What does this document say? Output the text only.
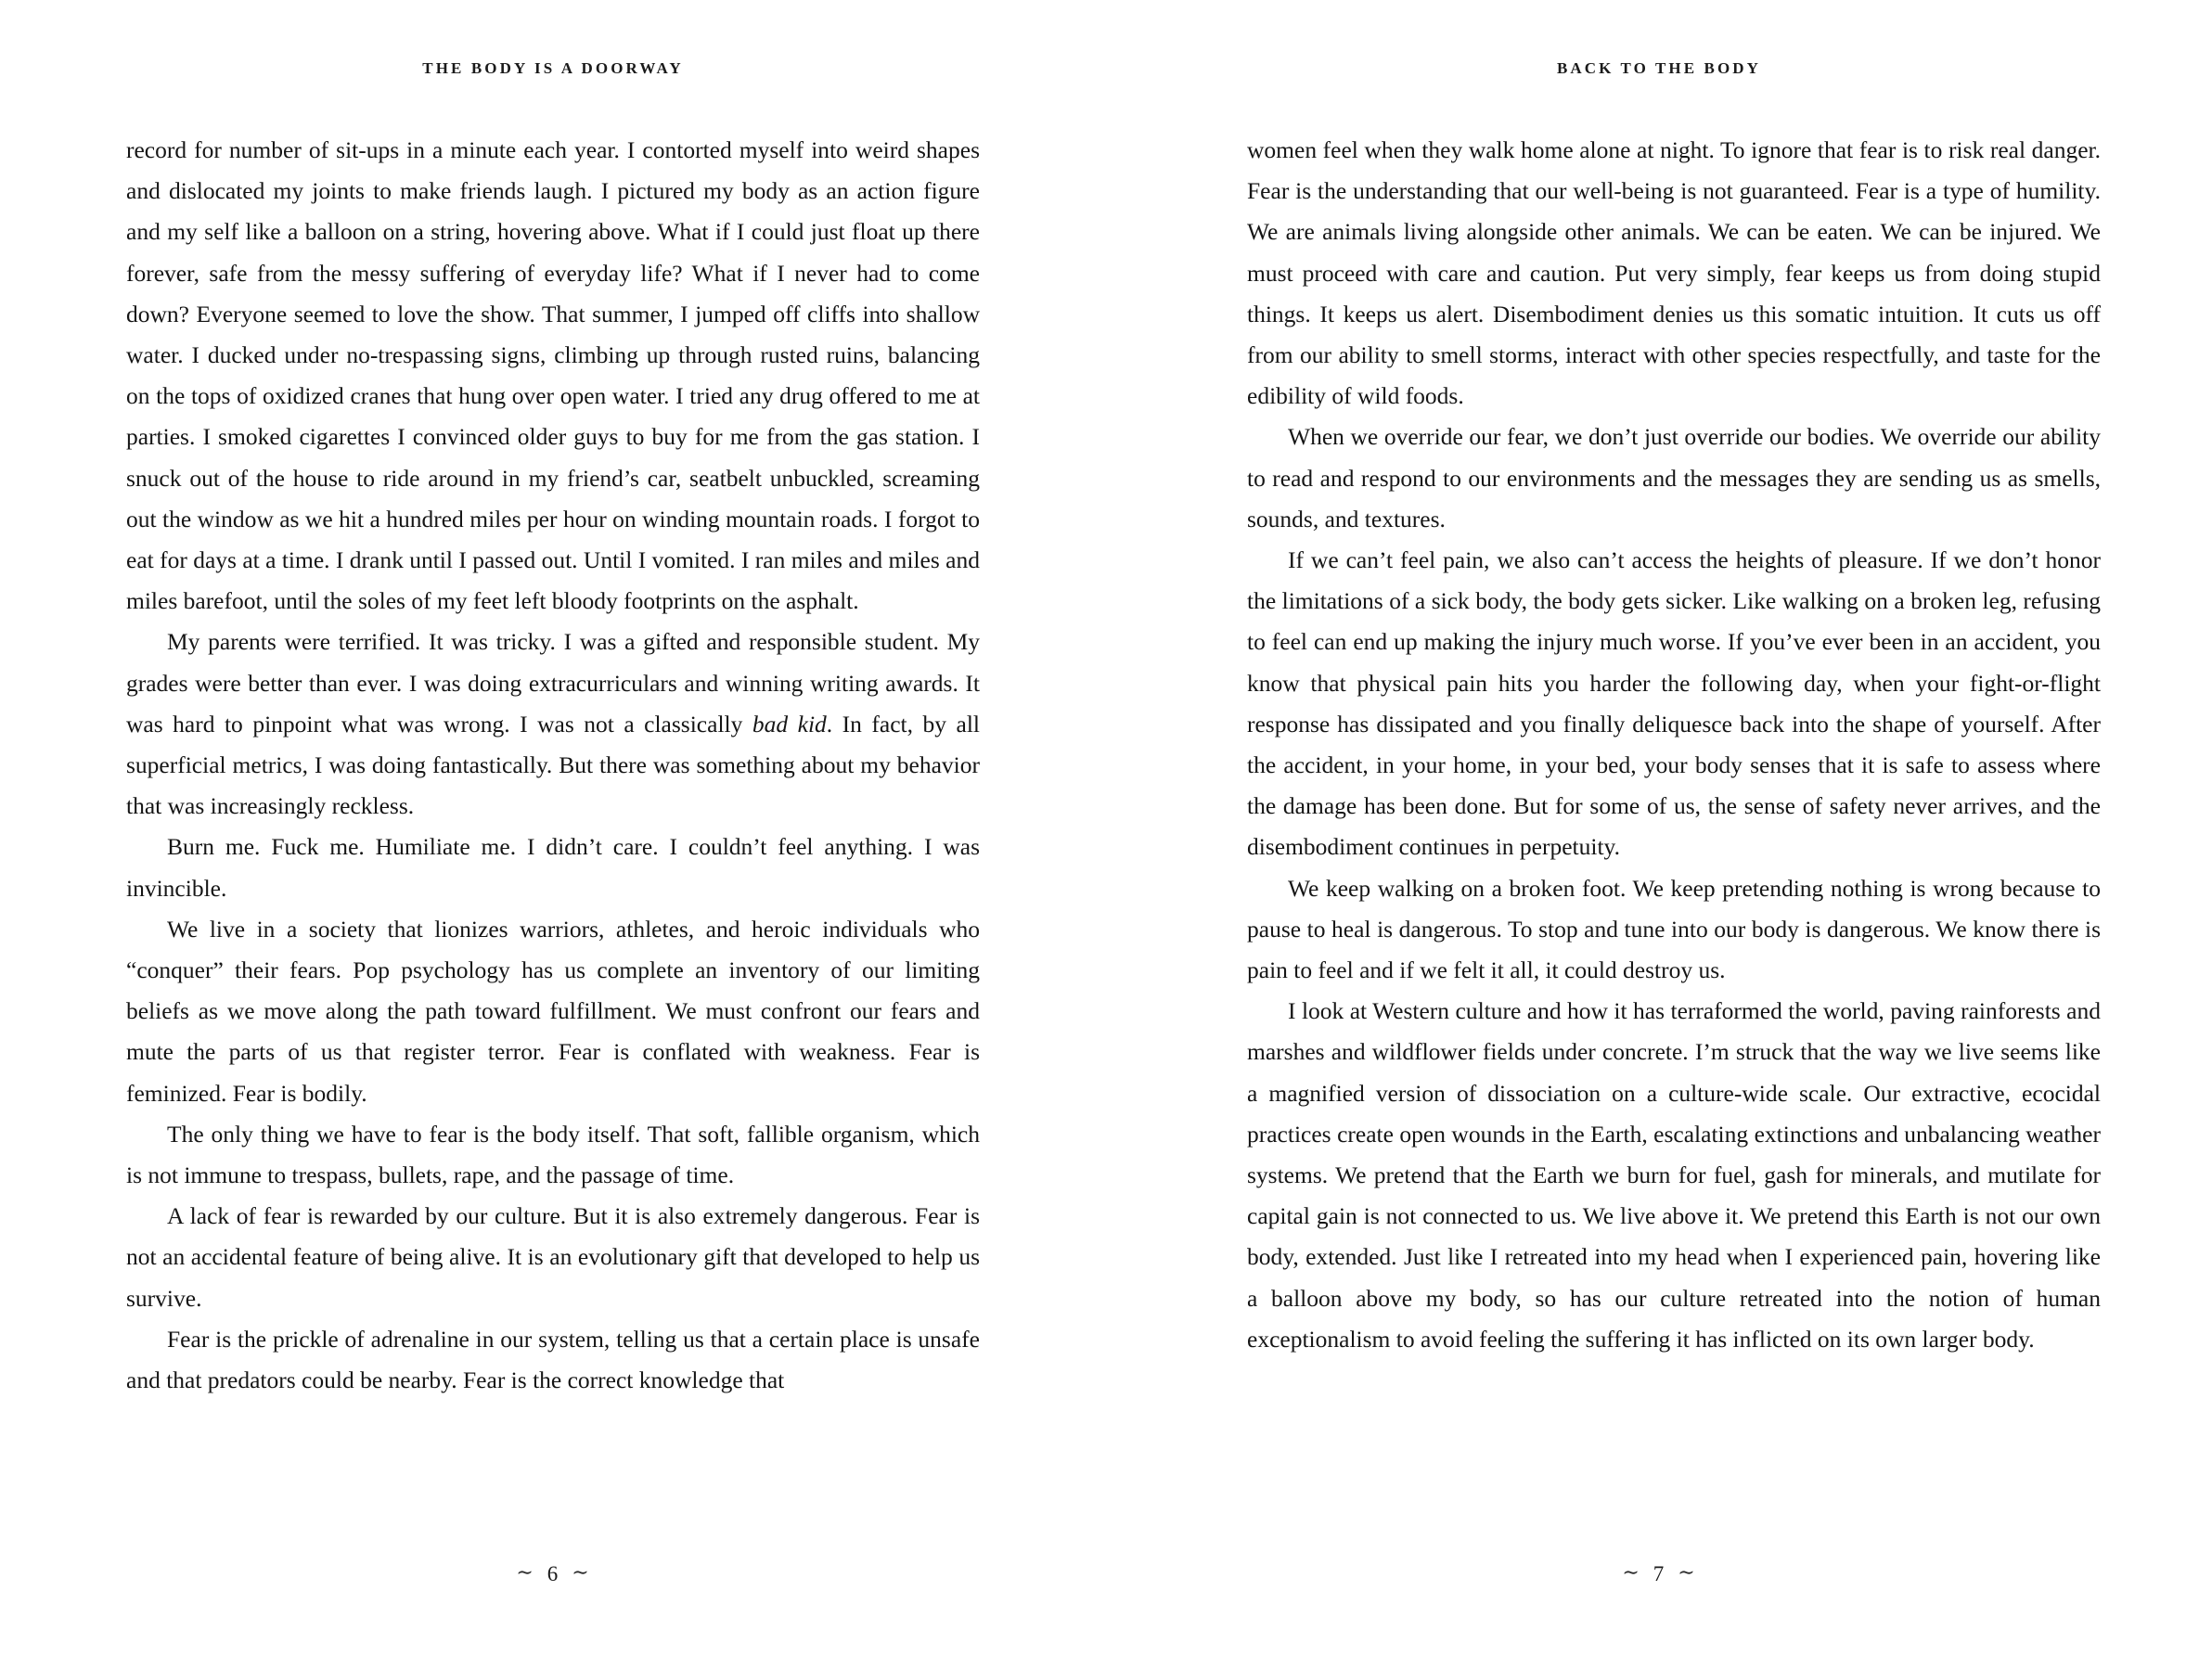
THE BODY IS A DOORWAY

record for number of sit-ups in a minute each year. I contorted myself into weird shapes and dislocated my joints to make friends laugh. I pictured my body as an action figure and my self like a balloon on a string, hovering above. What if I could just float up there forever, safe from the messy suffering of everyday life? What if I never had to come down? Everyone seemed to love the show. That summer, I jumped off cliffs into shallow water. I ducked under no-trespassing signs, climbing up through rusted ruins, balancing on the tops of oxidized cranes that hung over open water. I tried any drug offered to me at parties. I smoked cigarettes I convinced older guys to buy for me from the gas station. I snuck out of the house to ride around in my friend’s car, seatbelt unbuckled, screaming out the window as we hit a hundred miles per hour on winding mountain roads. I forgot to eat for days at a time. I drank until I passed out. Until I vomited. I ran miles and miles and miles barefoot, until the soles of my feet left bloody footprints on the asphalt.

My parents were terrified. It was tricky. I was a gifted and responsible student. My grades were better than ever. I was doing extracurriculars and winning writing awards. It was hard to pinpoint what was wrong. I was not a classically bad kid. In fact, by all superficial metrics, I was doing fantastically. But there was something about my behavior that was increasingly reckless.

Burn me. Fuck me. Humiliate me. I didn’t care. I couldn’t feel anything. I was invincible.

We live in a society that lionizes warriors, athletes, and heroic individuals who “conquer” their fears. Pop psychology has us complete an inventory of our limiting beliefs as we move along the path toward fulfillment. We must confront our fears and mute the parts of us that register terror. Fear is conflated with weakness. Fear is feminized. Fear is bodily.

The only thing we have to fear is the body itself. That soft, fallible organism, which is not immune to trespass, bullets, rape, and the passage of time.

A lack of fear is rewarded by our culture. But it is also extremely dangerous. Fear is not an accidental feature of being alive. It is an evolutionary gift that developed to help us survive.

Fear is the prickle of adrenaline in our system, telling us that a certain place is unsafe and that predators could be nearby. Fear is the correct knowledge that

∼ 6 ∼
BACK TO THE BODY

women feel when they walk home alone at night. To ignore that fear is to risk real danger. Fear is the understanding that our well-being is not guaranteed. Fear is a type of humility. We are animals living alongside other animals. We can be eaten. We can be injured. We must proceed with care and caution. Put very simply, fear keeps us from doing stupid things. It keeps us alert. Disembodiment denies us this somatic intuition. It cuts us off from our ability to smell storms, interact with other species respectfully, and taste for the edibility of wild foods.

When we override our fear, we don’t just override our bodies. We override our ability to read and respond to our environments and the messages they are sending us as smells, sounds, and textures.

If we can’t feel pain, we also can’t access the heights of pleasure. If we don’t honor the limitations of a sick body, the body gets sicker. Like walking on a broken leg, refusing to feel can end up making the injury much worse. If you’ve ever been in an accident, you know that physical pain hits you harder the following day, when your fight-or-flight response has dissipated and you finally deliquesce back into the shape of yourself. After the accident, in your home, in your bed, your body senses that it is safe to assess where the damage has been done. But for some of us, the sense of safety never arrives, and the disembodiment continues in perpetuity.

We keep walking on a broken foot. We keep pretending nothing is wrong because to pause to heal is dangerous. To stop and tune into our body is dangerous. We know there is pain to feel and if we felt it all, it could destroy us.

I look at Western culture and how it has terraformed the world, paving rainforests and marshes and wildflower fields under concrete. I’m struck that the way we live seems like a magnified version of dissociation on a culture-wide scale. Our extractive, ecocidal practices create open wounds in the Earth, escalating extinctions and unbalancing weather systems. We pretend that the Earth we burn for fuel, gash for minerals, and mutilate for capital gain is not connected to us. We live above it. We pretend this Earth is not our own body, extended. Just like I retreated into my head when I experienced pain, hovering like a balloon above my body, so has our culture retreated into the notion of human exceptionalism to avoid feeling the suffering it has inflicted on its own larger body.

∼ 7 ∼
